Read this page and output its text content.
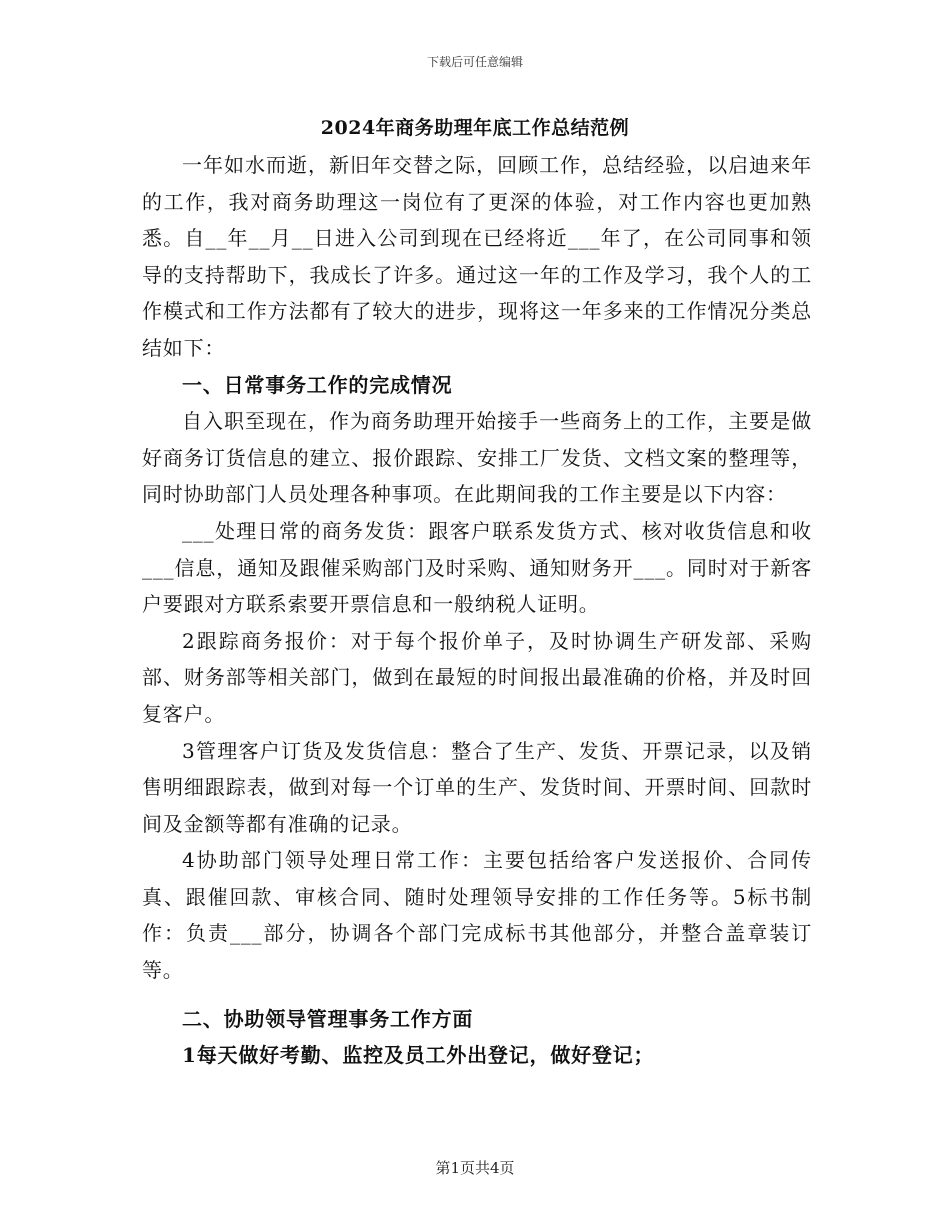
下载后可任意编辑
2024年商务助理年底工作总结范例

一年如水而逝，新旧年交替之际，回顾工作，总结经验，以启迪来年的工作，我对商务助理这一岗位有了更深的体验，对工作内容也更加熟悉。自__年__月__日进入公司到现在已经将近___年了，在公司同事和领导的支持帮助下，我成长了许多。通过这一年的工作及学习，我个人的工作模式和工作方法都有了较大的进步，现将这一年多来的工作情况分类总结如下：

一、日常事务工作的完成情况

自入职至现在，作为商务助理开始接手一些商务上的工作，主要是做好商务订货信息的建立、报价跟踪、安排工厂发货、文档文案的整理等，同时协助部门人员处理各种事项。在此期间我的工作主要是以下内容：

___处理日常的商务发货：跟客户联系发货方式、核对收货信息和收___信息，通知及跟催采购部门及时采购、通知财务开___。同时对于新客户要跟对方联系索要开票信息和一般纳税人证明。

2跟踪商务报价：对于每个报价单子，及时协调生产研发部、采购部、财务部等相关部门，做到在最短的时间报出最准确的价格，并及时回复客户。

3管理客户订货及发货信息：整合了生产、发货、开票记录，以及销售明细跟踪表，做到对每一个订单的生产、发货时间、开票时间、回款时间及金额等都有准确的记录。

4协助部门领导处理日常工作：主要包括给客户发送报价、合同传真、跟催回款、审核合同、随时处理领导安排的工作任务等。5标书制作：负责___部分，协调各个部门完成标书其他部分，并整合盖章装订等。

二、协助领导管理事务工作方面

1每天做好考勤、监控及员工外出登记，做好登记；

第1页共4页
